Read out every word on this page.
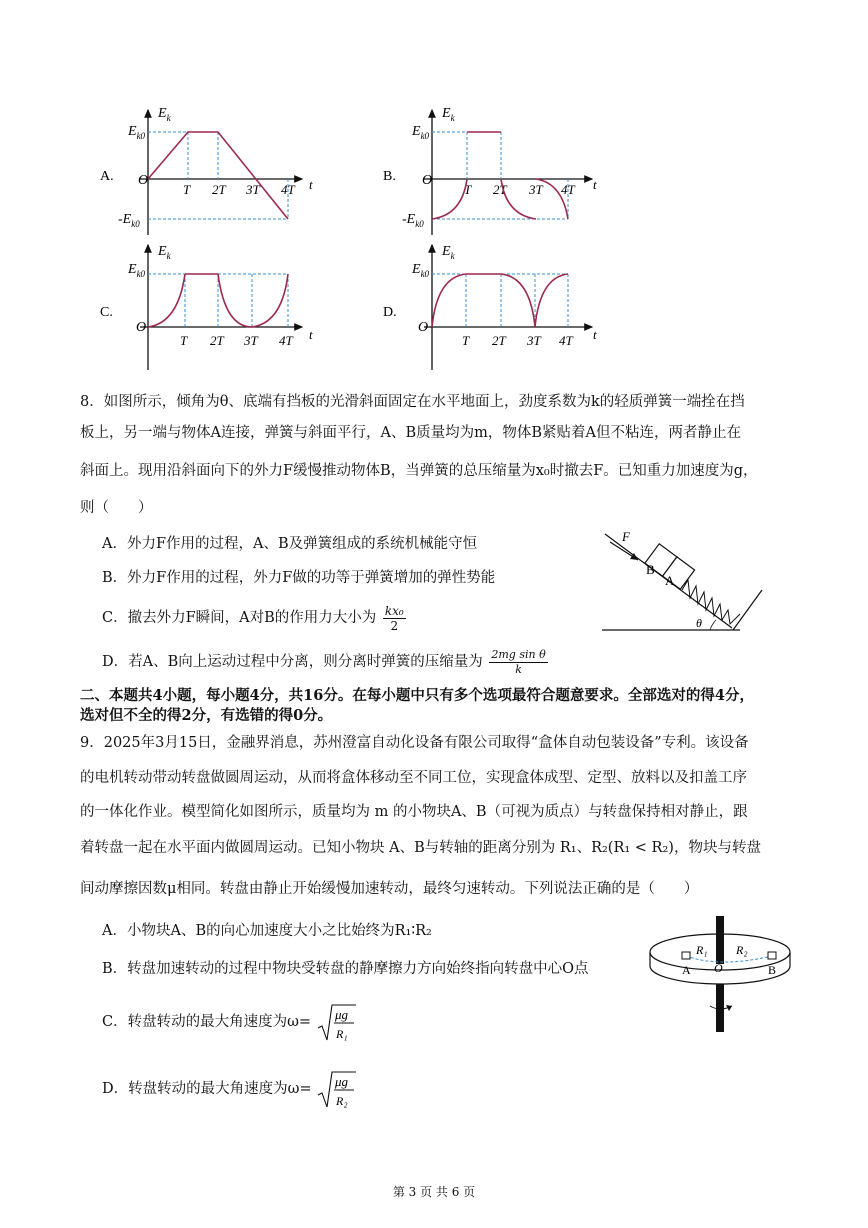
A.
$E_k$
$E_{k0}$
$-E_{k0}$
O
T 2T 3T 4T t
B.
$E_k$
$E_{k0}$
$-E_{k0}$
O
T 2T 3T 4T t
C.
$E_k$
$E_{k0}$
O
T 2T 3T 4T t
D.
$E_k$
$E_{k0}$
O
T 2T 3T 4T t
8．如图所示，倾角为θ、底端有挡板的光滑斜面固定在水平地面上，劲度系数为k的轻质弹簧一端拴在挡
板上，另一端与物体A连接，弹簧与斜面平行，A、B质量均为m，物体B紧贴着A但不粘连，两者静止在
斜面上。现用沿斜面向下的外力F缓慢推动物体B，当弹簧的总压缩量为x₀时撤去F。已知重力加速度为g，
则（　　）
A．外力F作用的过程，A、B及弹簧组成的系统机械能守恒
B．外力F作用的过程，外力F做的功等于弹簧增加的弹性势能
C．撤去外力F瞬间，A对B的作用力大小为 $\frac{\text{kx₀}}{2}$
D．若A、B向上运动过程中分离，则分离时弹簧的压缩量为 $\frac{\text{2mg sin θ}}{k}$
B
A
F
θ
二、本题共4小题，每小题4分，共16分。在每小题中只有多个选项最符合题意要求。全部选对的得4分，
选对但不全的得2分，有选错的得0分。
9．2025年3月15日，金融界消息，苏州澄富自动化设备有限公司取得“盒体自动包装设备”专利。该设备
的电机转动带动转盘做圆周运动，从而将盒体移动至不同工位，实现盒体成型、定型、放料以及扣盖工序
的一体化作业。模型简化如图所示，质量均为 m 的小物块A、B（可视为质点）与转盘保持相对静止，跟
着转盘一起在水平面内做圆周运动。已知小物块 A、B与转轴的距离分别为 R₁、R₂(R₁ < R₂)，物块与转盘
间动摩擦因数μ相同。转盘由静止开始缓慢加速转动，最终匀速转动。下列说法正确的是（　　）
A．小物块A、B的向心加速度大小之比始终为R₁∶R₂
B．转盘加速转动的过程中物块受转盘的静摩擦力方向始终指向转盘中心O点
C．转盘转动的最大角速度为ω= μg
R₁
D．转盘转动的最大角速度为ω= μg
R₂
R₁ R₂
A O	B
第 3 页 共 6 页
